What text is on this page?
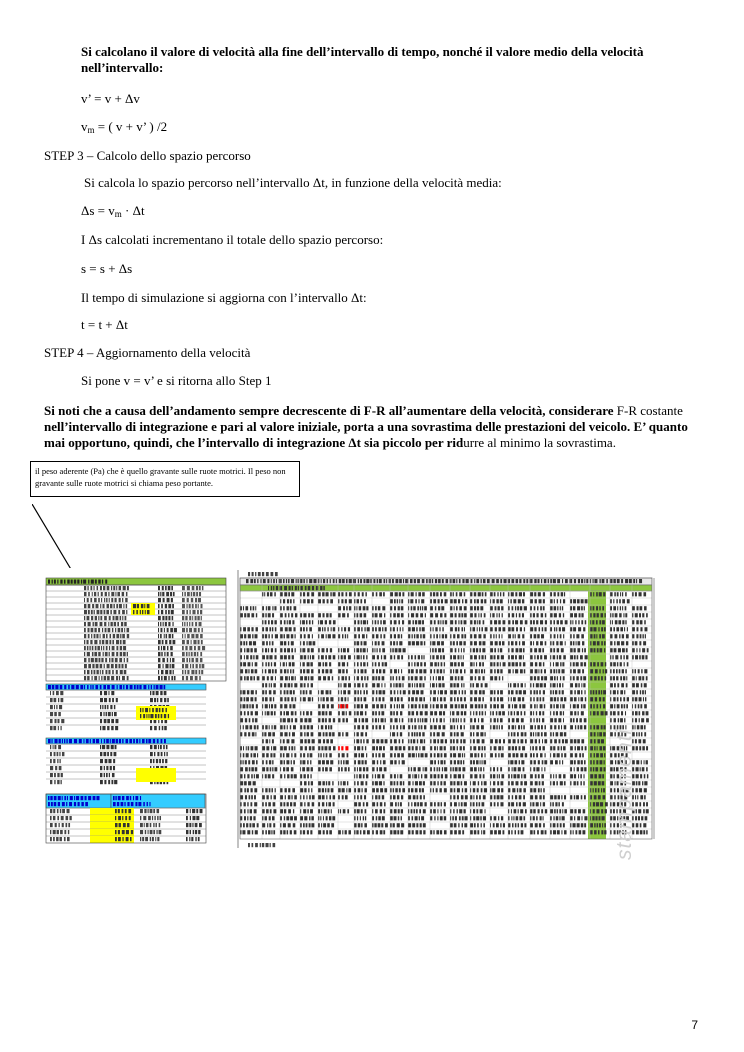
Si calcolano il valore di velocità alla fine dell’intervallo di tempo, nonché il valore medio della velocità
nell’intervallo:
v’ = v + Δv
$v_m$ = ( v + v’ ) /2
STEP 3 – Calcolo dello spazio percorso
Si calcola lo spazio percorso nell’intervallo Δt, in funzione della velocità media:
$\Delta s = v_m \cdot \Delta t$
I Δs calcolati incrementano il totale dello spazio percorso:
s = s + Δs
Il tempo di simulazione si aggiorna con l’intervallo Δt:
t = t + Δt
STEP 4 – Aggiornamento della velocità
Si pone v = v’ e si ritorna allo Step 1
Si noti che a causa dell’andamento sempre decrescente di F-R all’aumentare della velocità, considerare F-R costante
nell’intervallo di integrazione e pari al valore iniziale, porta a una sovrastima delle prestazioni del veicolo. E’ quanto
mai opportuno, quindi, che l’intervallo di integrazione Δt sia piccolo per ridurre al minimo la sovrastima.
il peso aderente (Pa) che è quello gravante sulle ruote motrici. Il peso non gravante sulle ruote motrici si chiama peso portante.
stampamenti
7
